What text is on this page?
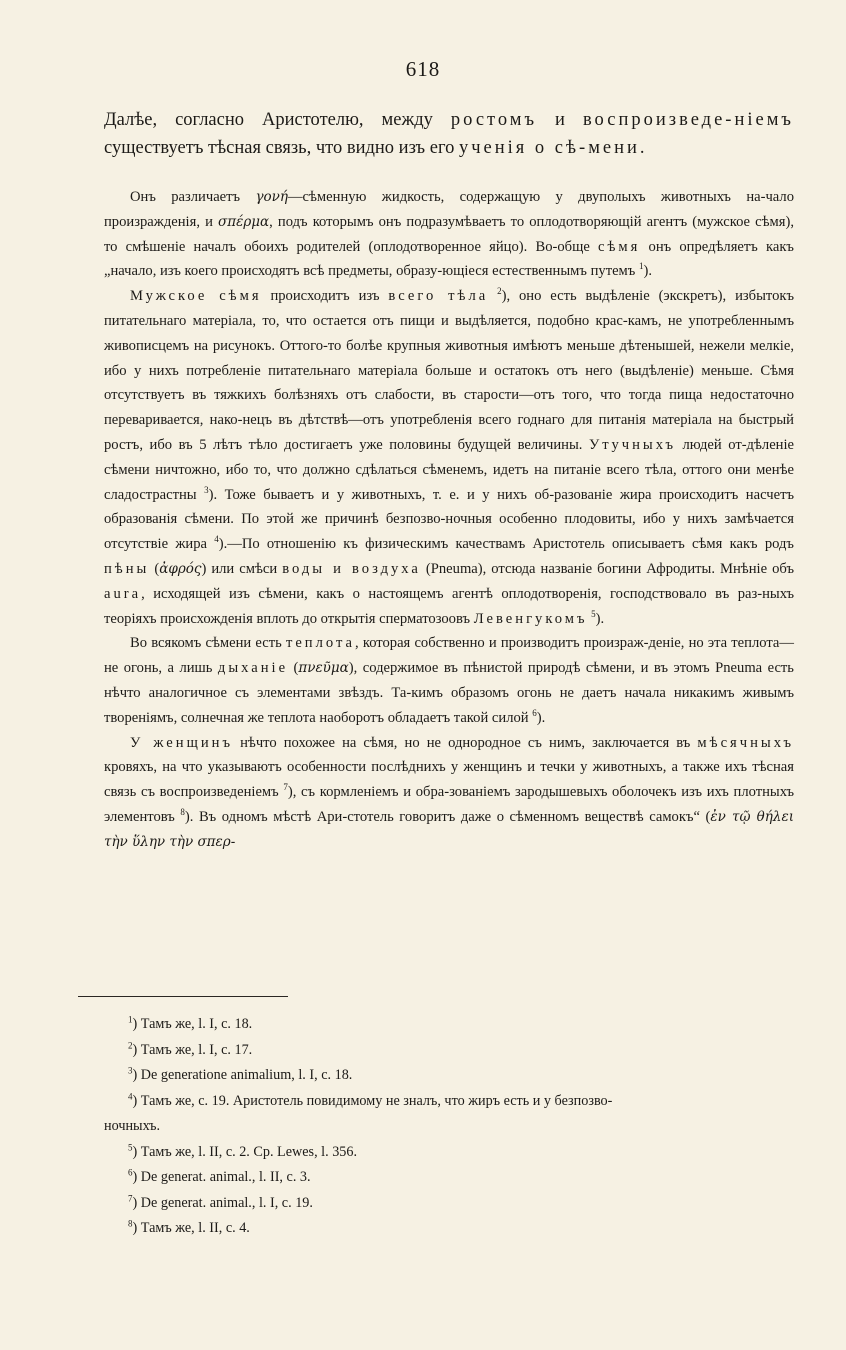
618
Далѣе, согласно Аристотелю, между ростомъ и воспроизведе-ніемъ существуетъ тѣсная связь, что видно изъ его ученія о сѣ-мени.

Онъ различаетъ γονή—сѣменную жидкость, содержащую у двуполыхъ животныхъ на-чало произражденія, и σπέρμα, подъ которымъ онъ подразумѣваетъ то оплодотворяющій агентъ (мужское сѣмя), то смѣшеніе началъ обоихъ родителей (оплодотворенное яйцо). Во-обще сѣмя онъ опредѣляетъ какъ „начало, изъ коего происходятъ всѣ предметы, образу-ющіеся естественнымъ путемъ $^1$).

Мужское сѣмя происходитъ изъ всего тѣла $^2$), оно есть выдѣленіе (экскретъ), избытокъ питательнаго матеріала, то, что остается отъ пищи и выдѣляется, подобно крас-камъ, не употребленнымъ живописцемъ на рисунокъ. Оттого-то болѣе крупныя животныя имѣютъ меньше дѣтенышей, нежели мелкіе, ибо у нихъ потребленіе питательнаго матеріала больше и остатокъ отъ него (выдѣленіе) меньше. Сѣмя отсутствуетъ въ тяжкихъ болѣзняхъ отъ слабости, въ старости—отъ того, что тогда пища недостаточно переваривается, нако-нецъ въ дѣтствѣ—отъ употребленія всего годнаго для питанія матеріала на быстрый ростъ, ибо въ 5 лѣтъ тѣло достигаетъ уже половины будущей величины. Утучныхъ людей от-дѣленіе сѣмени ничтожно, ибо то, что должно сдѣлаться сѣменемъ, идетъ на питаніе всего тѣла, оттого они менѣе сладострастны $^3$). Тоже бываетъ и у животныхъ, т. е. и у нихъ об-разованіе жира происходитъ насчетъ образованія сѣмени. По этой же причинѣ безпозво-ночныя особенно плодовиты, ибо у нихъ замѣчается отсутствіе жира $^4$).—По отношенію къ физическимъ качествамъ Аристотель описываетъ сѣмя какъ родъ пѣны (ἀφρός) или смѣси воды и воздуха (Pneuma), отсюда названіе богини Афродиты. Мнѣніе объ aura, исходящей изъ сѣмени, какъ о настоящемъ агентѣ оплодотворенія, господствовало въ раз-ныхъ теоріяхъ происхожденія вплоть до открытія сперматозоовъ Левенгукомъ $^5$).

Во всякомъ сѣмени есть теплота, которая собственно и производитъ произраж-деніе, но эта теплота—не огонь, а лишь дыханіе (πνεῦμα), содержимое въ пѣнистой природѣ сѣмени, и въ этомъ Pneuma есть нѣчто аналогичное съ элементами звѣздъ. Та-кимъ образомъ огонь не даетъ начала никакимъ живымъ твореніямъ, солнечная же теплота наоборотъ обладаетъ такой силой $^6$).

У женщинъ нѣчто похожее на сѣмя, но не однородное съ нимъ, заключается въ мѣсячныхъ кровяхъ, на что указываютъ особенности послѣднихъ у женщинъ и течки у животныхъ, а также ихъ тѣсная связь съ воспроизведеніемъ $^7$), съ кормленіемъ и обра-зованіемъ зародышевыхъ оболочекъ изъ ихъ плотныхъ элементовъ $^8$). Въ одномъ мѣстѣ Ари-стотель говоритъ даже о сѣменномъ веществѣ самокъ“ (ἐν τῷ θήλει τὴν ὕλην τὴν σπερ-

$^1$) Тамъ же, l. I, c. 18.
$^2$) Тамъ же, l. I, c. 17.
$^3$) De generatione animalium, l. I, c. 18.
$^4$) Тамъ же, с. 19. Аристотель повидимому не зналъ, что жиръ есть и у безпозво-
ночныхъ.
$^5$) Тамъ же, l. II, c. 2. Cp. Lewes, l. 356.
$^6$) De generat. animal., l. II, c. 3.
$^7$) De generat. animal., l. I, c. 19.
$^8$) Тамъ же, l. II, c. 4.
